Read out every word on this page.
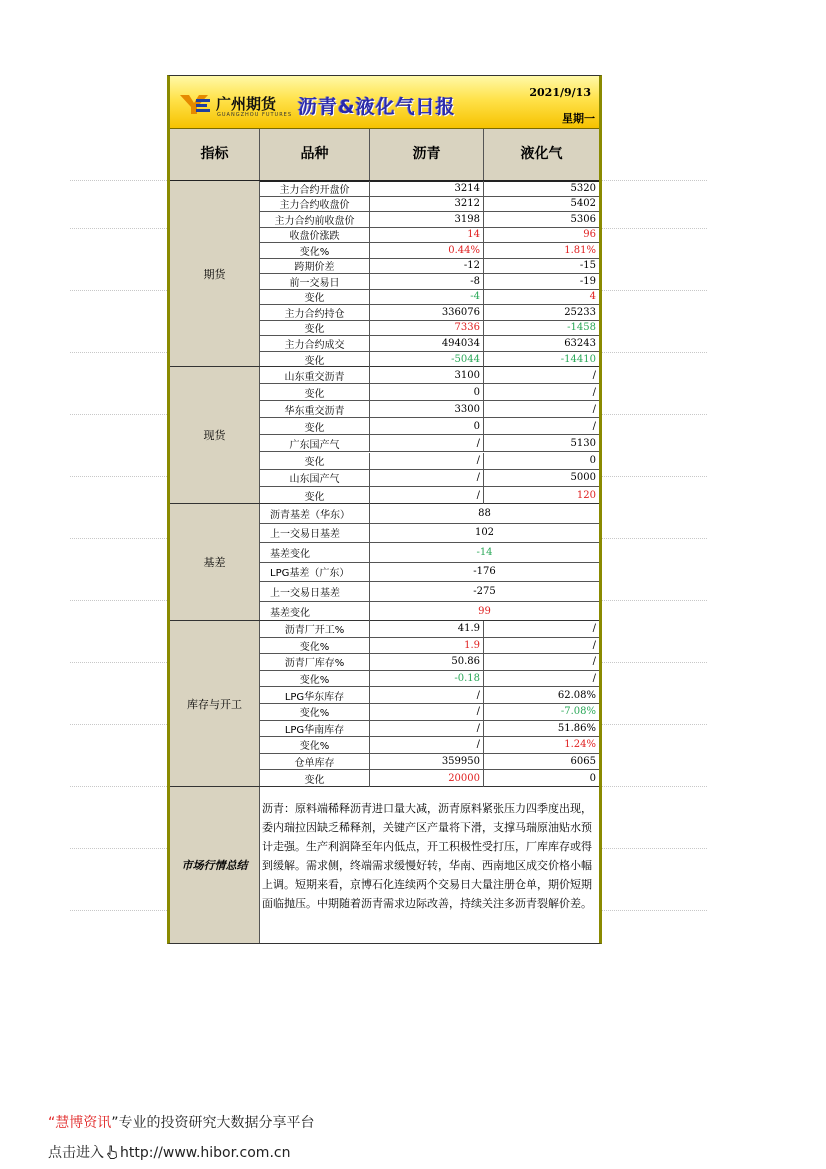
广州期货
GUANGZHOU FUTURES 沥青&液化气日报
2021/9/13
星期一
指标	品种	沥青	液化气
期货
主力合约开盘价	3214	5320
主力合约收盘价	3212	5402
主力合约前收盘价	3198	5306
收盘价涨跌	14	96
变化%	0.44%	1.81%
跨期价差	-12	-15
前一交易日	-8	-19
变化	-4	4
主力合约持仓	336076	25233
变化	7336	-1458
主力合约成交	494034	63243
变化	-5044	-14410
现货
山东重交沥青	3100	/
变化	0	/
华东重交沥青	3300	/
变化	0	/
广东国产气	/	5130
变化	/	0
山东国产气	/	5000
变化	/	120
基差
沥青基差（华东）	88
上一交易日基差	102
基差变化	-14
LPG基差（广东）	-176
上一交易日基差	-275
基差变化	99
库存与开工
沥青厂开工%	41.9	/
变化%	1.9	/
沥青厂库存%	50.86	/
变化%	-0.18	/
LPG华东库存	/	62.08%
变化%	/	-7.08%
LPG华南库存	/	51.86%
变化%	/	1.24%
仓单库存	359950	6065
变化	20000	0
市场行情总结
沥青：原料端稀释沥青进口量大减，沥青原料紧张压力四季度出现，委内瑞拉因缺乏稀释剂，关键产区产量将下滑，支撑马瑞原油贴水预计走强。生产利润降至年内低点，开工积极性受打压，厂库库存或得到缓解。需求侧，终端需求缓慢好转，华南、西南地区成交价格小幅上调。短期来看，京博石化连续两个交易日大量注册仓单，期价短期面临抛压。中期随着沥青需求边际改善，持续关注多沥青裂解价差。
“慧博资讯”专业的投资研究大数据分享平台
点击进入 http://www.hibor.com.cn
